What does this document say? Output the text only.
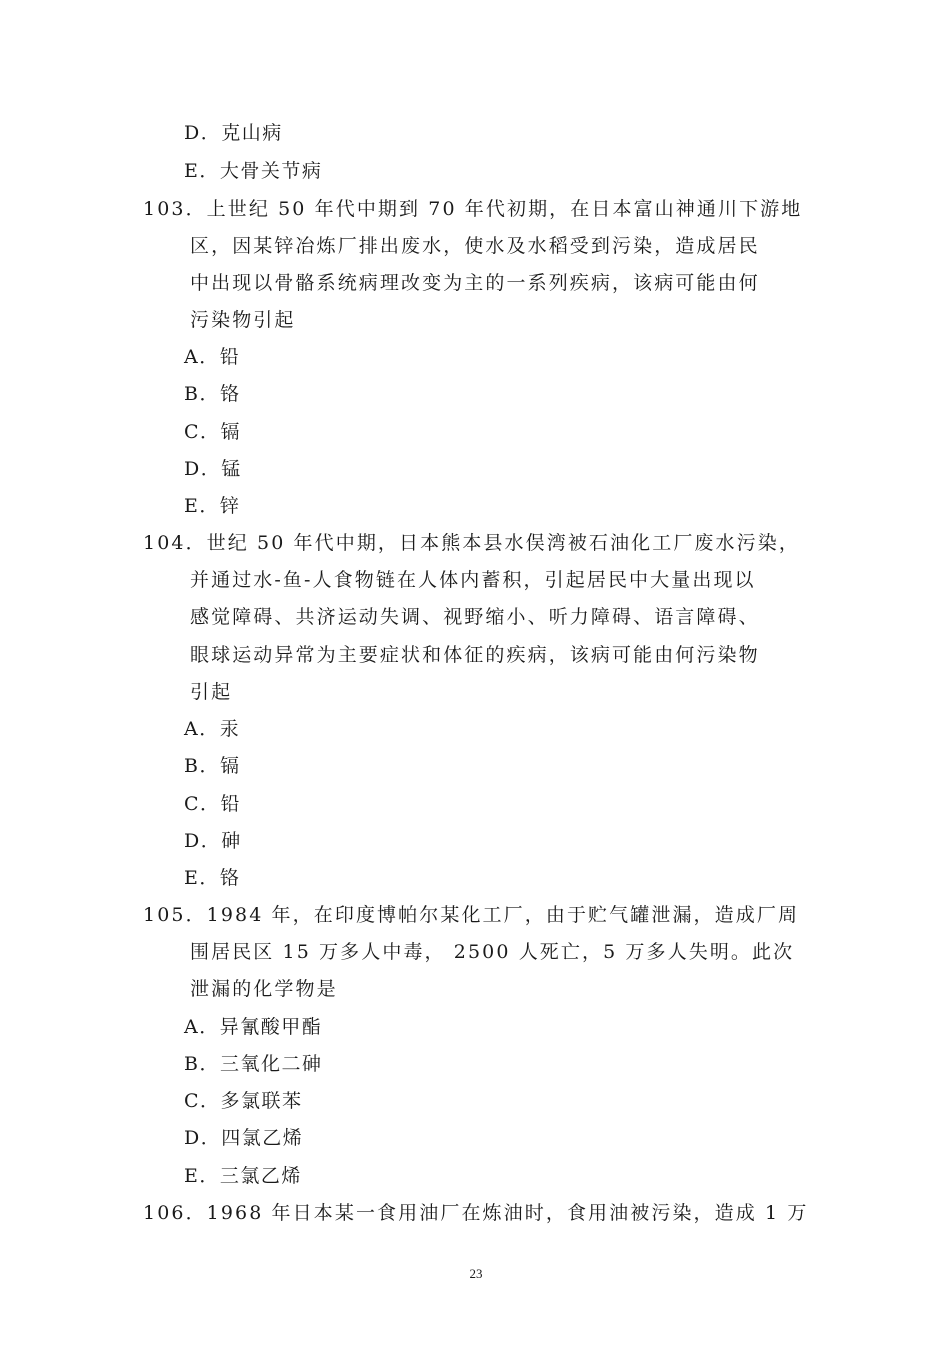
D．克山病
E．大骨关节病
103．上世纪 50 年代中期到 70 年代初期，在日本富山神通川下游地
区，因某锌冶炼厂排出废水，使水及水稻受到污染，造成居民
中出现以骨骼系统病理改变为主的一系列疾病，该病可能由何
污染物引起
A．铅
B．铬
C．镉
D．锰
E．锌
104．世纪 50 年代中期，日本熊本县水俣湾被石油化工厂废水污染，
并通过水-鱼-人食物链在人体内蓄积，引起居民中大量出现以
感觉障碍、共济运动失调、视野缩小、听力障碍、语言障碍、
眼球运动异常为主要症状和体征的疾病，该病可能由何污染物
引起
A．汞
B．镉
C．铅
D．砷
E．铬
105．1984 年，在印度博帕尔某化工厂，由于贮气罐泄漏，造成厂周
围居民区 15 万多人中毒， 2500 人死亡，5 万多人失明。此次
泄漏的化学物是
A．异氰酸甲酯
B．三氧化二砷
C．多氯联苯
D．四氯乙烯
E．三氯乙烯
106．1968 年日本某一食用油厂在炼油时，食用油被污染，造成 1 万
23
